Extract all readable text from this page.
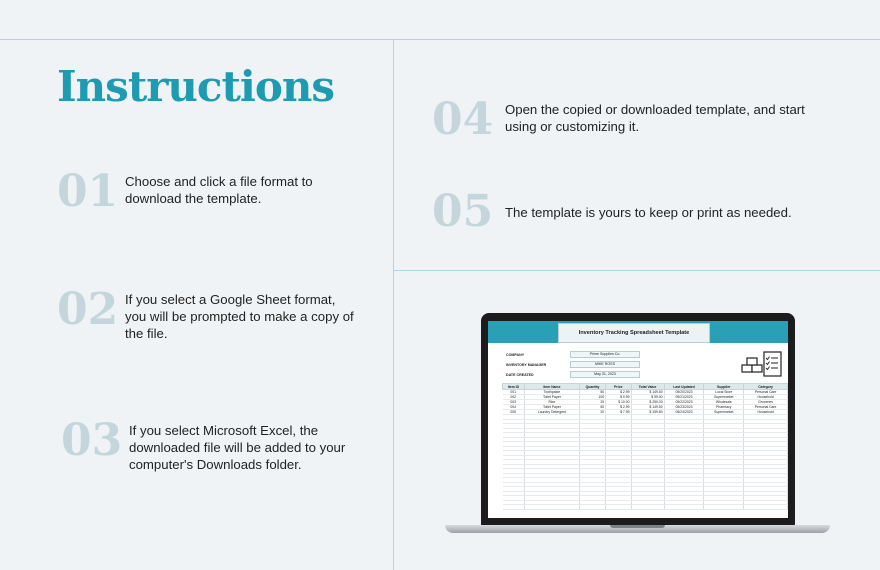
Instructions
01 Choose and click a file format to download the template.
02 If you select a Google Sheet format, you will be prompted to make a copy of the file.
03 If you select Microsoft Excel, the downloaded file will be added to your computer's Downloads folder.
04 Open the copied or downloaded template, and start using or customizing it.
05 The template is yours to keep or print as needed.
Inventory Tracking Spreadsheet Template
COMPANY	Prime Supplies Co.
INVENTORY MANAGER	MIKE ROSS
DATE CREATED	May 31, 2023
Item ID	Item Name	Quantity	Price	Total Value	Last Updated	Supplier	Category
001	Toothpaste	50	$ 2.99	$ 149.50	05/20/2023	Local Store	Personal Care
002	Toilet Paper	100	$ 0.99	$ 99.00	05/21/2023	Supermarket	Household
003	Rice	25	$ 10.00	$ 250.00	05/22/2023	Wholesale	Groceries
004	Toilet Paper	50	$ 2.99	$ 149.50	05/23/2023	Pharmacy	Personal Care
005	Laundry Detergent	20	$ 7.99	$ 159.80	05/24/2023	Supermarket	Household
